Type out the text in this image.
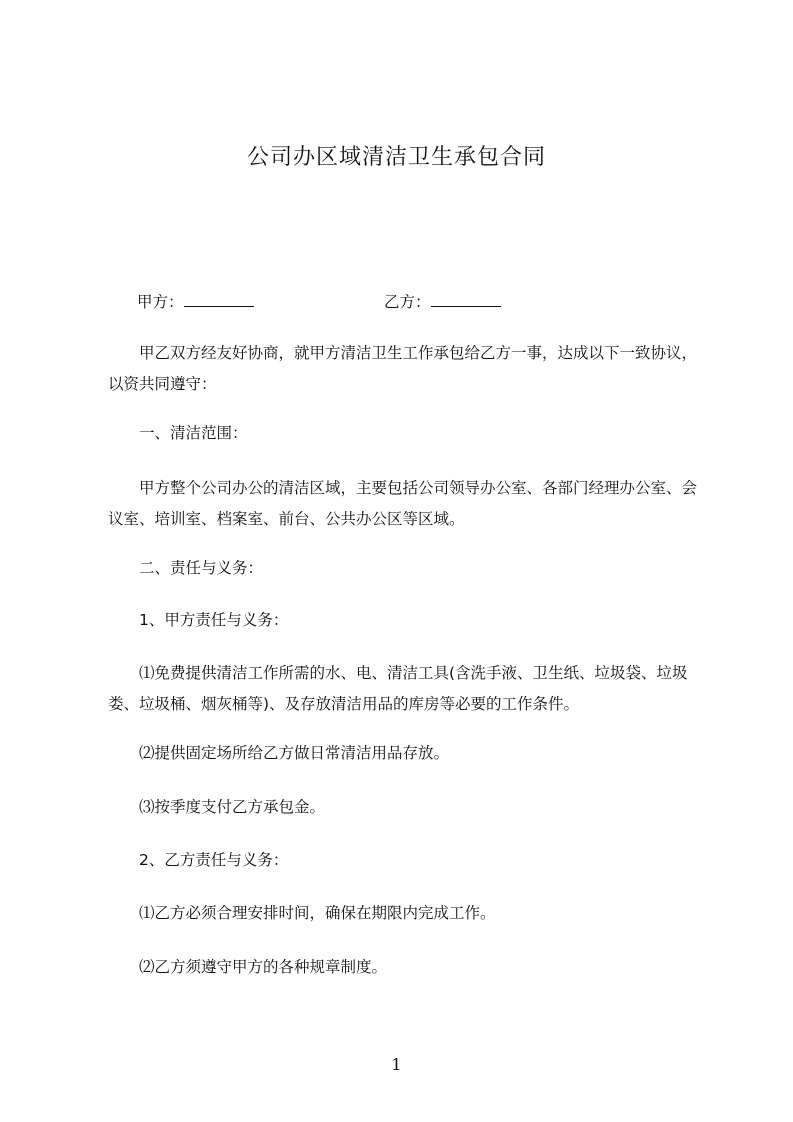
公司办区域清洁卫生承包合同
甲方：	乙方：

甲乙双方经友好协商，就甲方清洁卫生工作承包给乙方一事，达成以下一致协议，以资共同遵守：

一、清洁范围：

甲方整个公司办公的清洁区域，主要包括公司领导办公室、各部门经理办公室、会议室、培训室、档案室、前台、公共办公区等区域。

二、责任与义务：

1、甲方责任与义务：

⑴免费提供清洁工作所需的水、电、清洁工具(含洗手液、卫生纸、垃圾袋、垃圾娄、垃圾桶、烟灰桶等)、及存放清洁用品的库房等必要的工作条件。

⑵提供固定场所给乙方做日常清洁用品存放。

⑶按季度支付乙方承包金。

2、乙方责任与义务：

⑴乙方必须合理安排时间，确保在期限内完成工作。

⑵乙方须遵守甲方的各种规章制度。

1
